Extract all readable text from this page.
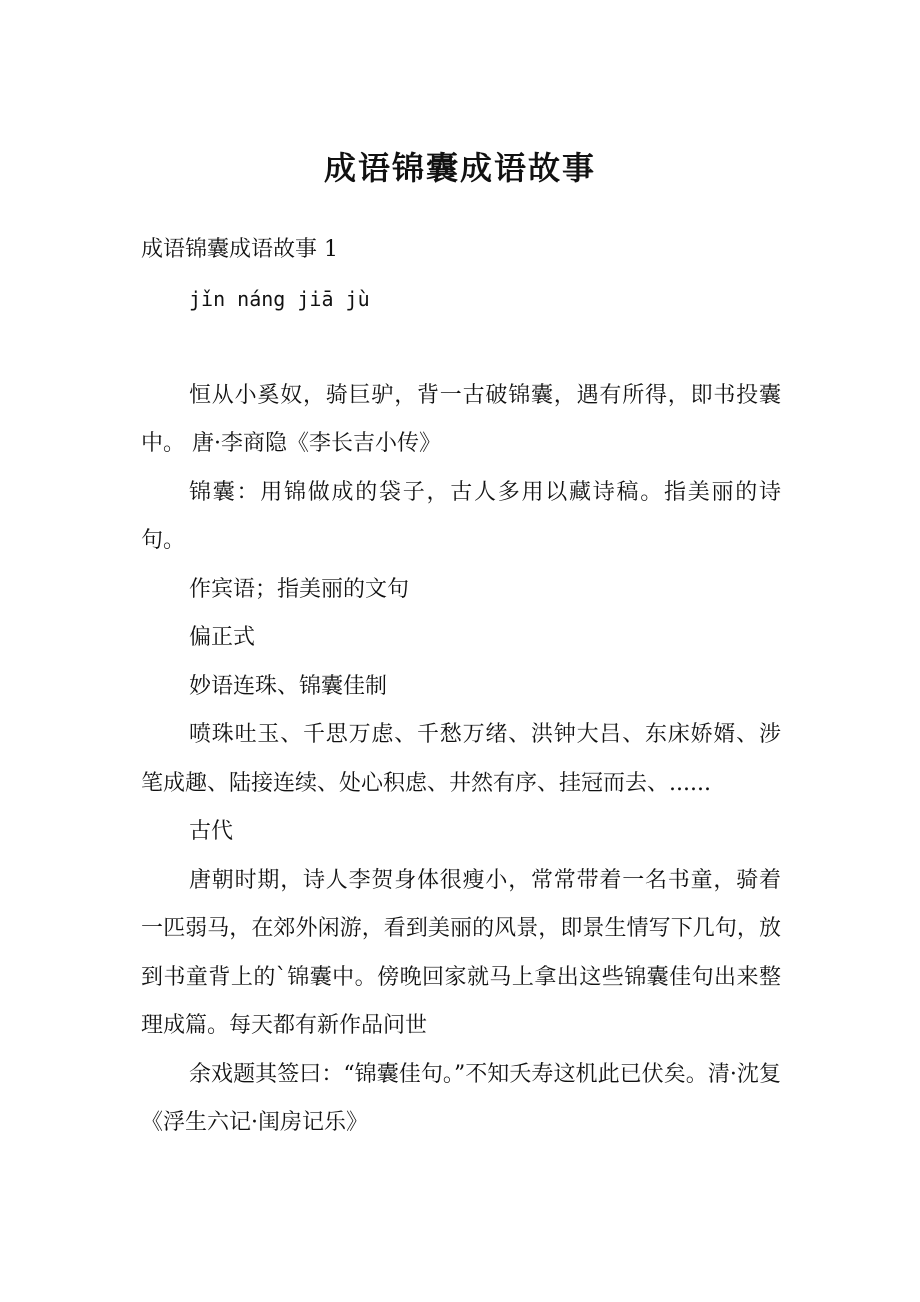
成语锦囊成语故事

成语锦囊成语故事 1

jǐn náng jiā jù

恒从小奚奴，骑巨驴，背一古破锦囊，遇有所得，即书投囊中。 唐·李商隐《李长吉小传》

锦囊：用锦做成的袋子，古人多用以藏诗稿。指美丽的诗句。

作宾语；指美丽的文句

偏正式

妙语连珠、锦囊佳制

喷珠吐玉、千思万虑、千愁万绪、洪钟大吕、东床娇婿、涉笔成趣、陆接连续、处心积虑、井然有序、挂冠而去、......

古代

唐朝时期，诗人李贺身体很瘦小，常常带着一名书童，骑着一匹弱马，在郊外闲游，看到美丽的风景，即景生情写下几句，放到书童背上的`锦囊中。傍晚回家就马上拿出这些锦囊佳句出来整理成篇。每天都有新作品问世

余戏题其签曰：“锦囊佳句。”不知夭寿这机此已伏矣。清·沈复《浮生六记·闺房记乐》
